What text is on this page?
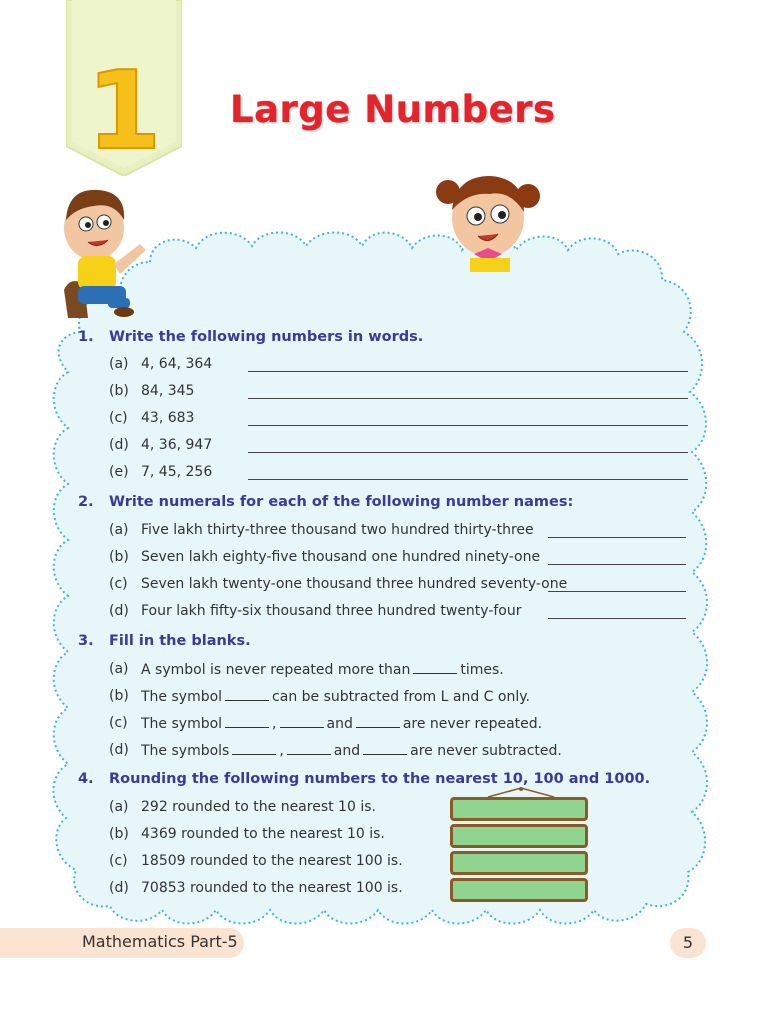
1 Large Numbers
1. Write the following numbers in words.
(a) 4, 64, 364
(b) 84, 345
(c) 43, 683
(d) 4, 36, 947
(e) 7, 45, 256
2. Write numerals for each of the following number names:
(a) Five lakh thirty-three thousand two hundred thirty-three
(b) Seven lakh eighty-five thousand one hundred ninety-one
(c) Seven lakh twenty-one thousand three hundred seventy-one
(d) Four lakh fifty-six thousand three hundred twenty-four
3. Fill in the blanks.
(a) A symbol is never repeated more than	times.
(b) The symbol	can be subtracted from L and C only.
(c) The symbol	,	and	are never repeated.
(d) The symbols	,	and	are never subtracted.
4. Rounding the following numbers to the nearest 10, 100 and 1000.
(a) 292 rounded to the nearest 10 is.
(b) 4369 rounded to the nearest 10 is.
(c) 18509 rounded to the nearest 100 is.
(d) 70853 rounded to the nearest 100 is.
Mathematics Part-5	5
